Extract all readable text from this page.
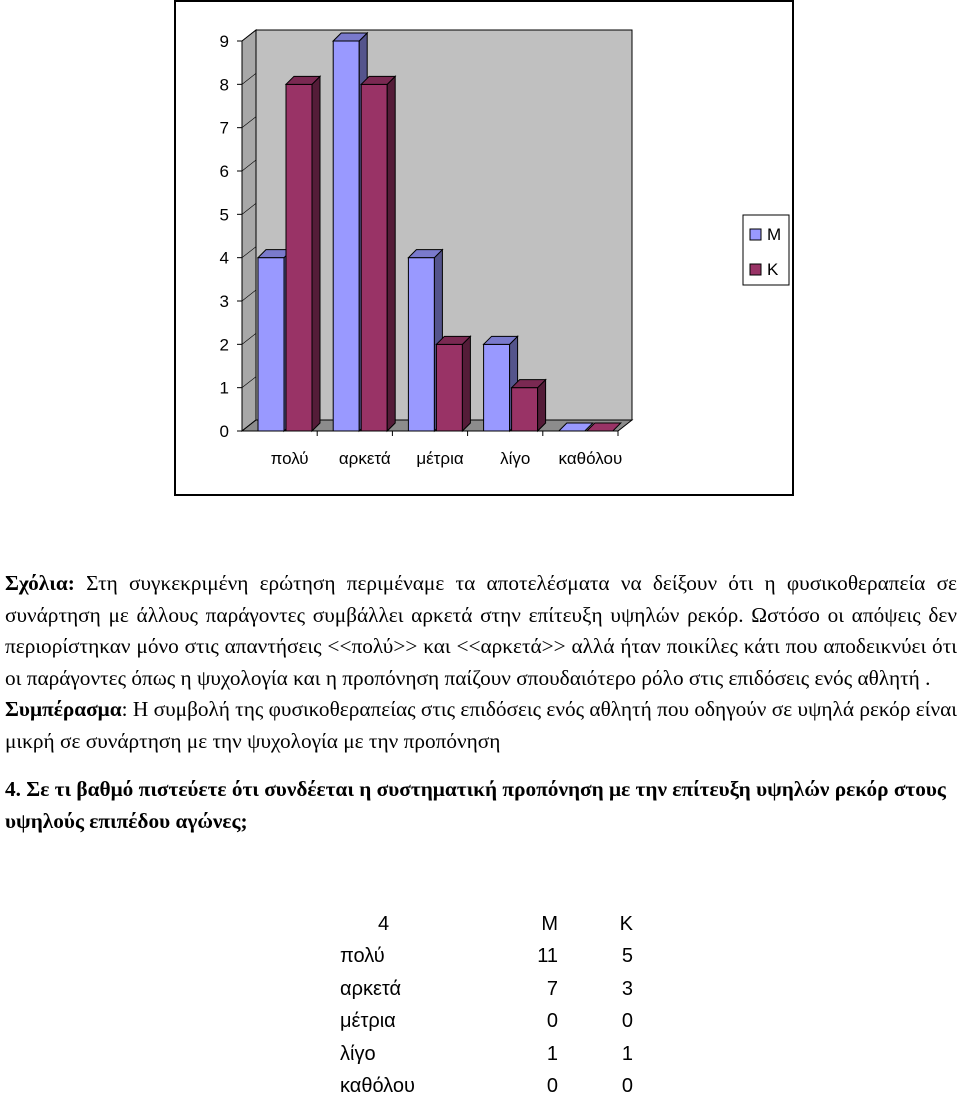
0
1
2
3
4
5
6
7
8
9
πολύ αρκετά μέτρια λίγο καθόλου
Μ
Κ

Σχόλια: Στη συγκεκριμένη ερώτηση περιμέναμε τα αποτελέσματα να δείξουν ότι η φυσικοθεραπεία σε συνάρτηση με άλλους παράγοντες συμβάλλει αρκετά στην επίτευξη υψηλών ρεκόρ. Ωστόσο οι απόψεις δεν περιορίστηκαν μόνο στις απαντήσεις <<πολύ>> και <<αρκετά>> αλλά ήταν ποικίλες κάτι που αποδεικνύει ότι οι παράγοντες όπως η ψυχολογία και η προπόνηση παίζουν σπουδαιότερο ρόλο στις επιδόσεις ενός αθλητή .

Συμπέρασμα: Η συμβολή της φυσικοθεραπείας στις επιδόσεις ενός αθλητή που οδηγούν σε υψηλά ρεκόρ είναι μικρή σε συνάρτηση με την ψυχολογία με την προπόνηση

4. Σε τι βαθμό πιστεύετε ότι συνδέεται η συστηματική προπόνηση με την επίτευξη υψηλών ρεκόρ στους υψηλούς επιπέδου αγώνες;

4	Μ	Κ
πολύ	11	5
αρκετά	7	3
μέτρια	0	0
λίγο	1	1
καθόλου	0	0
